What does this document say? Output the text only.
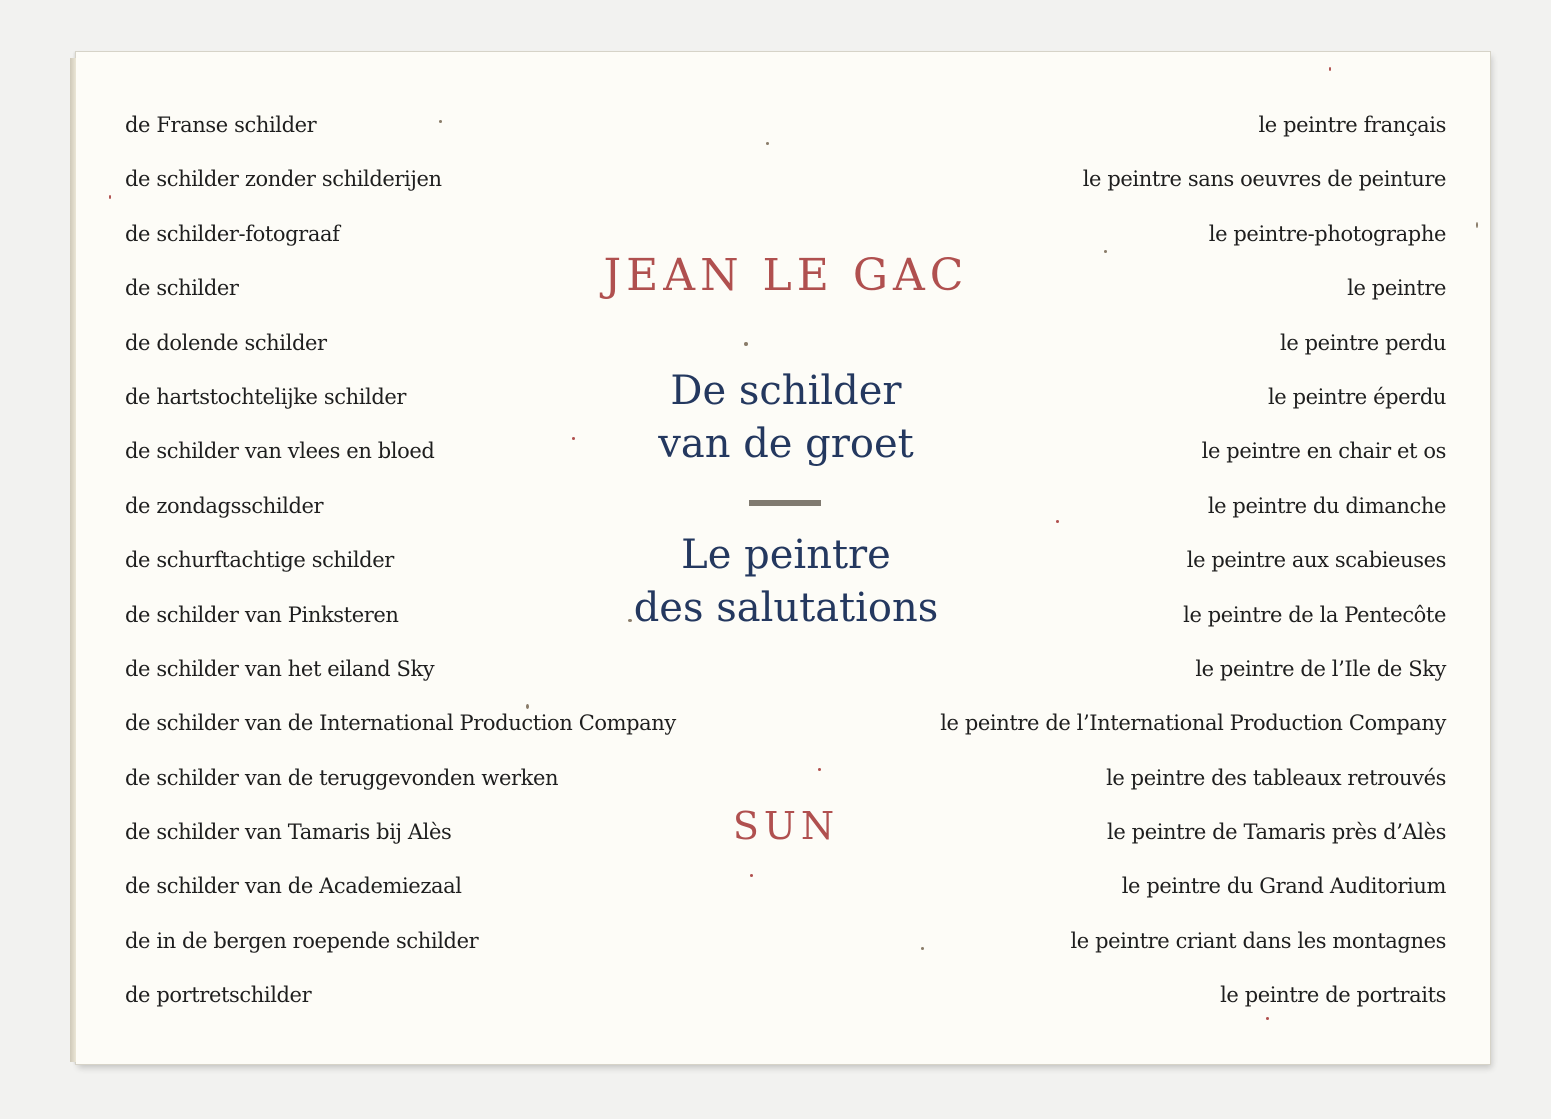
de Franse schilder
de schilder zonder schilderijen
de schilder-fotograaf
de schilder
de dolende schilder
de hartstochtelijke schilder
de schilder van vlees en bloed
de zondagsschilder
de schurftachtige schilder
de schilder van Pinksteren
de schilder van het eiland Sky
de schilder van de International Production Company
de schilder van de teruggevonden werken
de schilder van Tamaris bij Alès
de schilder van de Academiezaal
de in de bergen roepende schilder
de portretschilder
le peintre français
le peintre sans oeuvres de peinture
le peintre-photographe
le peintre
le peintre perdu
le peintre éperdu
le peintre en chair et os
le peintre du dimanche
le peintre aux scabieuses
le peintre de la Pentecôte
le peintre de l’Ile de Sky
le peintre de l’International Production Company
le peintre des tableaux retrouvés
le peintre de Tamaris près d’Alès
le peintre du Grand Auditorium
le peintre criant dans les montagnes
le peintre de portraits
JEAN LE GAC
De schilder
van de groet
Le peintre
des salutations
SUN
